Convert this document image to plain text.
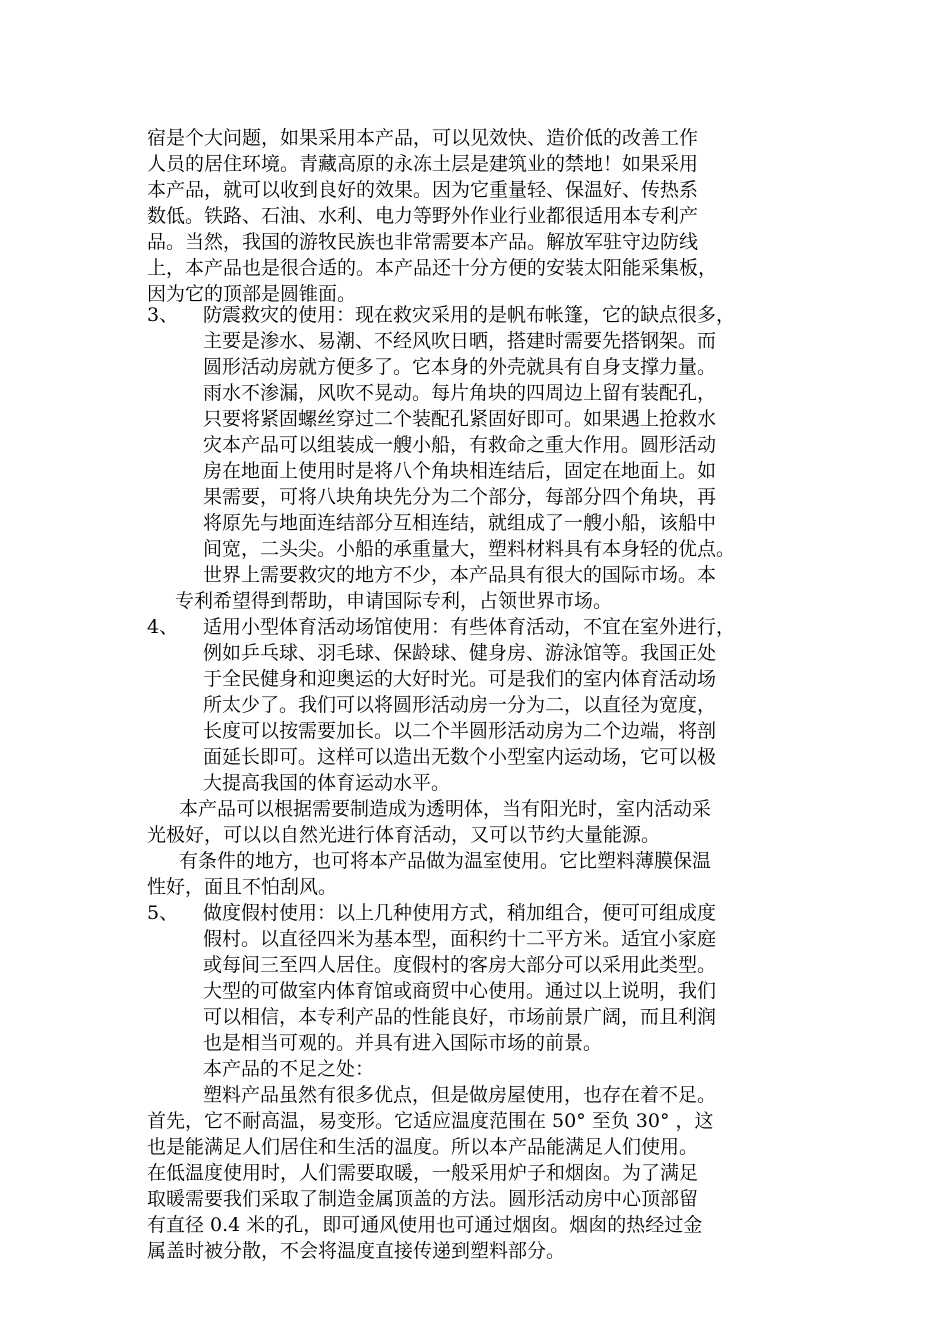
宿是个大问题，如果采用本产品，可以见效快、造价低的改善工作
人员的居住环境。青藏高原的永冻土层是建筑业的禁地！如果采用
本产品，就可以收到良好的效果。因为它重量轻、保温好、传热系
数低。铁路、石油、水利、电力等野外作业行业都很适用本专利产
品。当然，我国的游牧民族也非常需要本产品。解放军驻守边防线
上，本产品也是很合适的。本产品还十分方便的安装太阳能采集板，
因为它的顶部是圆锥面。
3、 防震救灾的使用：现在救灾采用的是帆布帐篷，它的缺点很多，
主要是渗水、易潮、不经风吹日晒，搭建时需要先搭钢架。而
圆形活动房就方便多了。它本身的外壳就具有自身支撑力量。
雨水不渗漏，风吹不晃动。每片角块的四周边上留有装配孔，
只要将紧固螺丝穿过二个装配孔紧固好即可。如果遇上抢救水
灾本产品可以组装成一艘小船，有救命之重大作用。圆形活动
房在地面上使用时是将八个角块相连结后，固定在地面上。如
果需要，可将八块角块先分为二个部分，每部分四个角块，再
将原先与地面连结部分互相连结，就组成了一艘小船，该船中
间宽，二头尖。小船的承重量大，塑料材料具有本身轻的优点。
世界上需要救灾的地方不少，本产品具有很大的国际市场。本
专利希望得到帮助，申请国际专利，占领世界市场。
4、 适用小型体育活动场馆使用：有些体育活动，不宜在室外进行，
例如乒乓球、羽毛球、保龄球、健身房、游泳馆等。我国正处
于全民健身和迎奥运的大好时光。可是我们的室内体育活动场
所太少了。我们可以将圆形活动房一分为二，以直径为宽度，
长度可以按需要加长。以二个半圆形活动房为二个边端，将剖
面延长即可。这样可以造出无数个小型室内运动场，它可以极
大提高我国的体育运动水平。
本产品可以根据需要制造成为透明体，当有阳光时，室内活动采
光极好，可以以自然光进行体育活动，又可以节约大量能源。
有条件的地方，也可将本产品做为温室使用。它比塑料薄膜保温
性好，面且不怕刮风。
5、 做度假村使用：以上几种使用方式，稍加组合，便可可组成度
假村。以直径四米为基本型，面积约十二平方米。适宜小家庭
或每间三至四人居住。度假村的客房大部分可以采用此类型。
大型的可做室内体育馆或商贸中心使用。通过以上说明，我们
可以相信，本专利产品的性能良好，市场前景广阔，而且利润
也是相当可观的。并具有进入国际市场的前景。
本产品的不足之处：
塑料产品虽然有很多优点，但是做房屋使用，也存在着不足。
首先，它不耐高温，易变形。它适应温度范围在 50° 至负 30° ，这
也是能满足人们居住和生活的温度。所以本产品能满足人们使用。
在低温度使用时，人们需要取暖，一般采用炉子和烟囱。为了满足
取暖需要我们采取了制造金属顶盖的方法。圆形活动房中心顶部留
有直径 0.4 米的孔，即可通风使用也可通过烟囱。烟囱的热经过金
属盖时被分散，不会将温度直接传递到塑料部分。
